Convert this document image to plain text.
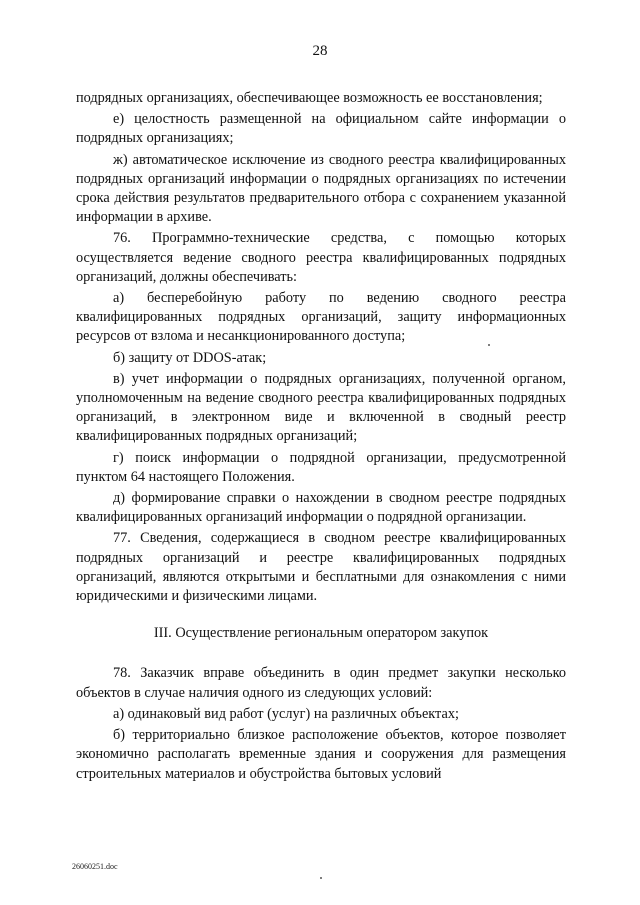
28

подрядных организациях, обеспечивающее возможность ее восстановления;

е) целостность размещенной на официальном сайте информации о подрядных организациях;

ж) автоматическое исключение из сводного реестра квалифицированных подрядных организаций информации о подрядных организациях по истечении срока действия результатов предварительного отбора с сохранением указанной информации в архиве.

76. Программно-технические средства, с помощью которых осуществляется ведение сводного реестра квалифицированных подрядных организаций, должны обеспечивать:

а) бесперебойную работу по ведению сводного реестра квалифицированных подрядных организаций, защиту информационных ресурсов от взлома и несанкционированного доступа;

б) защиту от DDOS-атак;

в) учет информации о подрядных организациях, полученной органом, уполномоченным на ведение сводного реестра квалифицированных подрядных организаций, в электронном виде и включенной в сводный реестр квалифицированных подрядных организаций;

г) поиск информации о подрядной организации, предусмотренной пунктом 64 настоящего Положения.

д) формирование справки о нахождении в сводном реестре подрядных квалифицированных организаций информации о подрядной организации.

77. Сведения, содержащиеся в сводном реестре квалифицированных подрядных организаций и реестре квалифицированных подрядных организаций, являются открытыми и бесплатными для ознакомления с ними юридическими и физическими лицами.

III. Осуществление региональным оператором закупок

78. Заказчик вправе объединить в один предмет закупки несколько объектов в случае наличия одного из следующих условий:

а) одинаковый вид работ (услуг) на различных объектах;

б) территориально близкое расположение объектов, которое позволяет экономично располагать временные здания и сооружения для размещения строительных материалов и обустройства бытовых условий

26060251.doc
